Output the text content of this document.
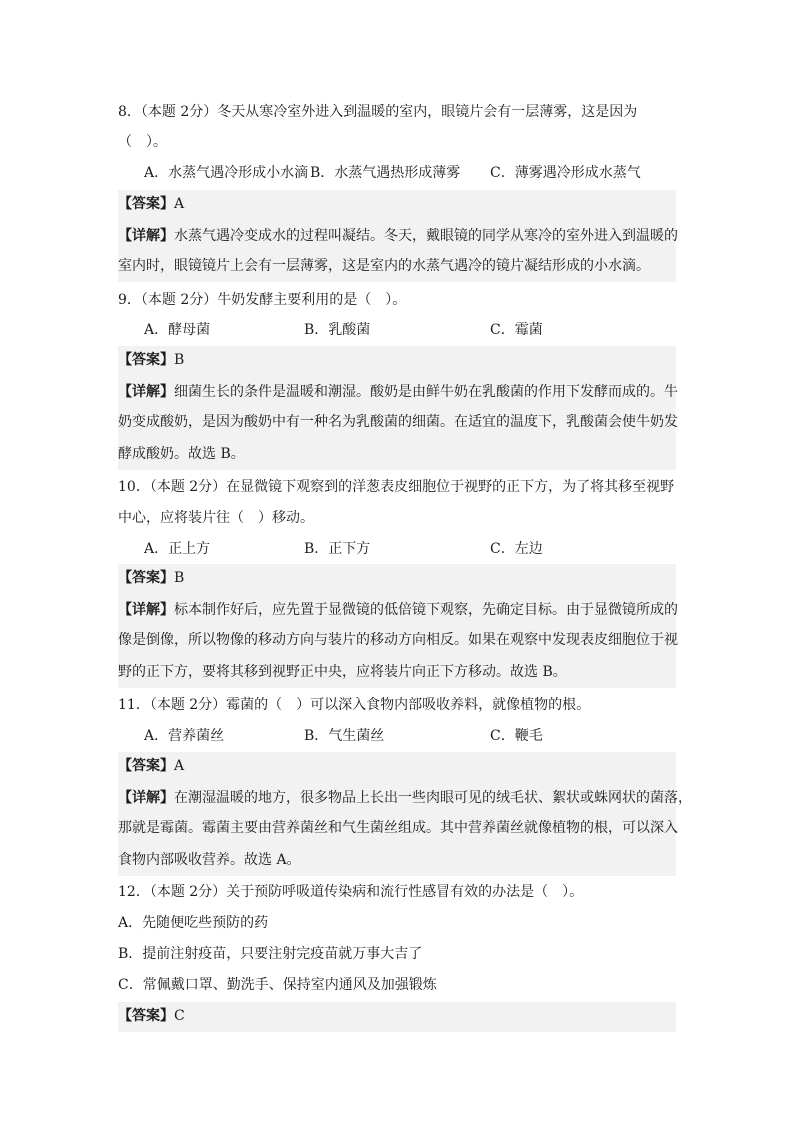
8．（本题 2分）冬天从寒冷室外进入到温暖的室内，眼镜片会有一层薄雾，这是因为
（　）。
A．水蒸气遇冷形成小水滴 B．水蒸气遇热形成薄雾 C．薄雾遇冷形成水蒸气
【答案】A
【详解】水蒸气遇冷变成水的过程叫凝结。冬天，戴眼镜的同学从寒冷的室外进入到温暖的
室内时，眼镜镜片上会有一层薄雾，这是室内的水蒸气遇冷的镜片凝结形成的小水滴。
9．（本题 2分）牛奶发酵主要利用的是（　）。
A．酵母菌	B．乳酸菌	C．霉菌
【答案】B
【详解】细菌生长的条件是温暖和潮湿。酸奶是由鲜牛奶在乳酸菌的作用下发酵而成的。牛
奶变成酸奶，是因为酸奶中有一种名为乳酸菌的细菌。在适宜的温度下，乳酸菌会使牛奶发
酵成酸奶。故选 B。
10．（本题 2分）在显微镜下观察到的洋葱表皮细胞位于视野的正下方，为了将其移至视野
中心，应将装片往（　）移动。
A．正上方	B．正下方	C．左边
【答案】B
【详解】标本制作好后，应先置于显微镜的低倍镜下观察，先确定目标。由于显微镜所成的
像是倒像，所以物像的移动方向与装片的移动方向相反。如果在观察中发现表皮细胞位于视
野的正下方，要将其移到视野正中央，应将装片向正下方移动。故选 B。
11．（本题 2分）霉菌的（　）可以深入食物内部吸收养料，就像植物的根。
A．营养菌丝	B．气生菌丝	C．鞭毛
【答案】A
【详解】在潮湿温暖的地方，很多物品上长出一些肉眼可见的绒毛状、絮状或蛛网状的菌落，
那就是霉菌。霉菌主要由营养菌丝和气生菌丝组成。其中营养菌丝就像植物的根，可以深入
食物内部吸收营养。故选 A。
12．（本题 2分）关于预防呼吸道传染病和流行性感冒有效的办法是（　）。
A．先随便吃些预防的药
B．提前注射疫苗，只要注射完疫苗就万事大吉了
C．常佩戴口罩、勤洗手、保持室内通风及加强锻炼
【答案】C
